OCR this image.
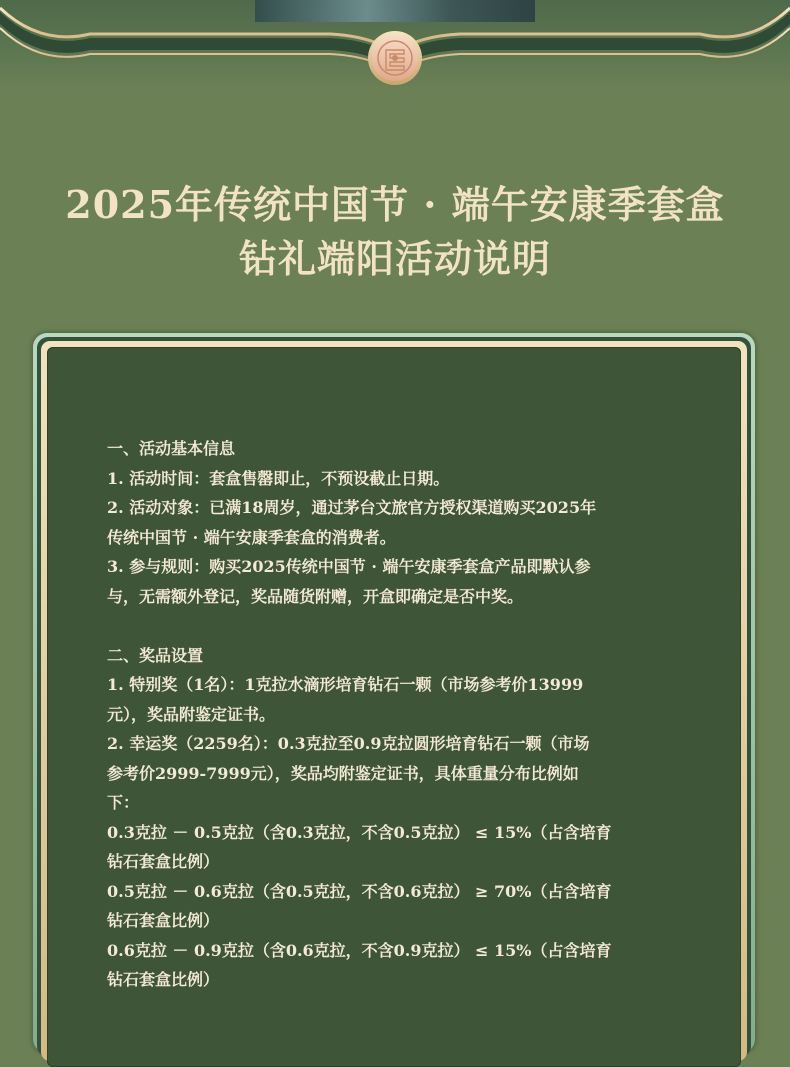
2025年传统中国节 · 端午安康季套盒
钻礼端阳活动说明

一、活动基本信息

1. 活动时间：套盒售罄即止，不预设截止日期。

2. 活动对象：已满18周岁，通过茅台文旅官方授权渠道购买2025年

传统中国节 · 端午安康季套盒的消费者。

3. 参与规则：购买2025传统中国节 · 端午安康季套盒产品即默认参

与，无需额外登记，奖品随货附赠，开盒即确定是否中奖。

二、奖品设置

1. 特别奖（1名）：1克拉水滴形培育钻石一颗（市场参考价13999

元），奖品附鉴定证书。

2. 幸运奖（2259名）：0.3克拉至0.9克拉圆形培育钻石一颗（市场

参考价2999-7999元），奖品均附鉴定证书，具体重量分布比例如

下：

0.3克拉 － 0.5克拉（含0.3克拉，不含0.5克拉） ≤ 15%（占含培育

钻石套盒比例）

0.5克拉 － 0.6克拉（含0.5克拉，不含0.6克拉） ≥ 70%（占含培育

钻石套盒比例）

0.6克拉 － 0.9克拉（含0.6克拉，不含0.9克拉） ≤ 15%（占含培育

钻石套盒比例）
